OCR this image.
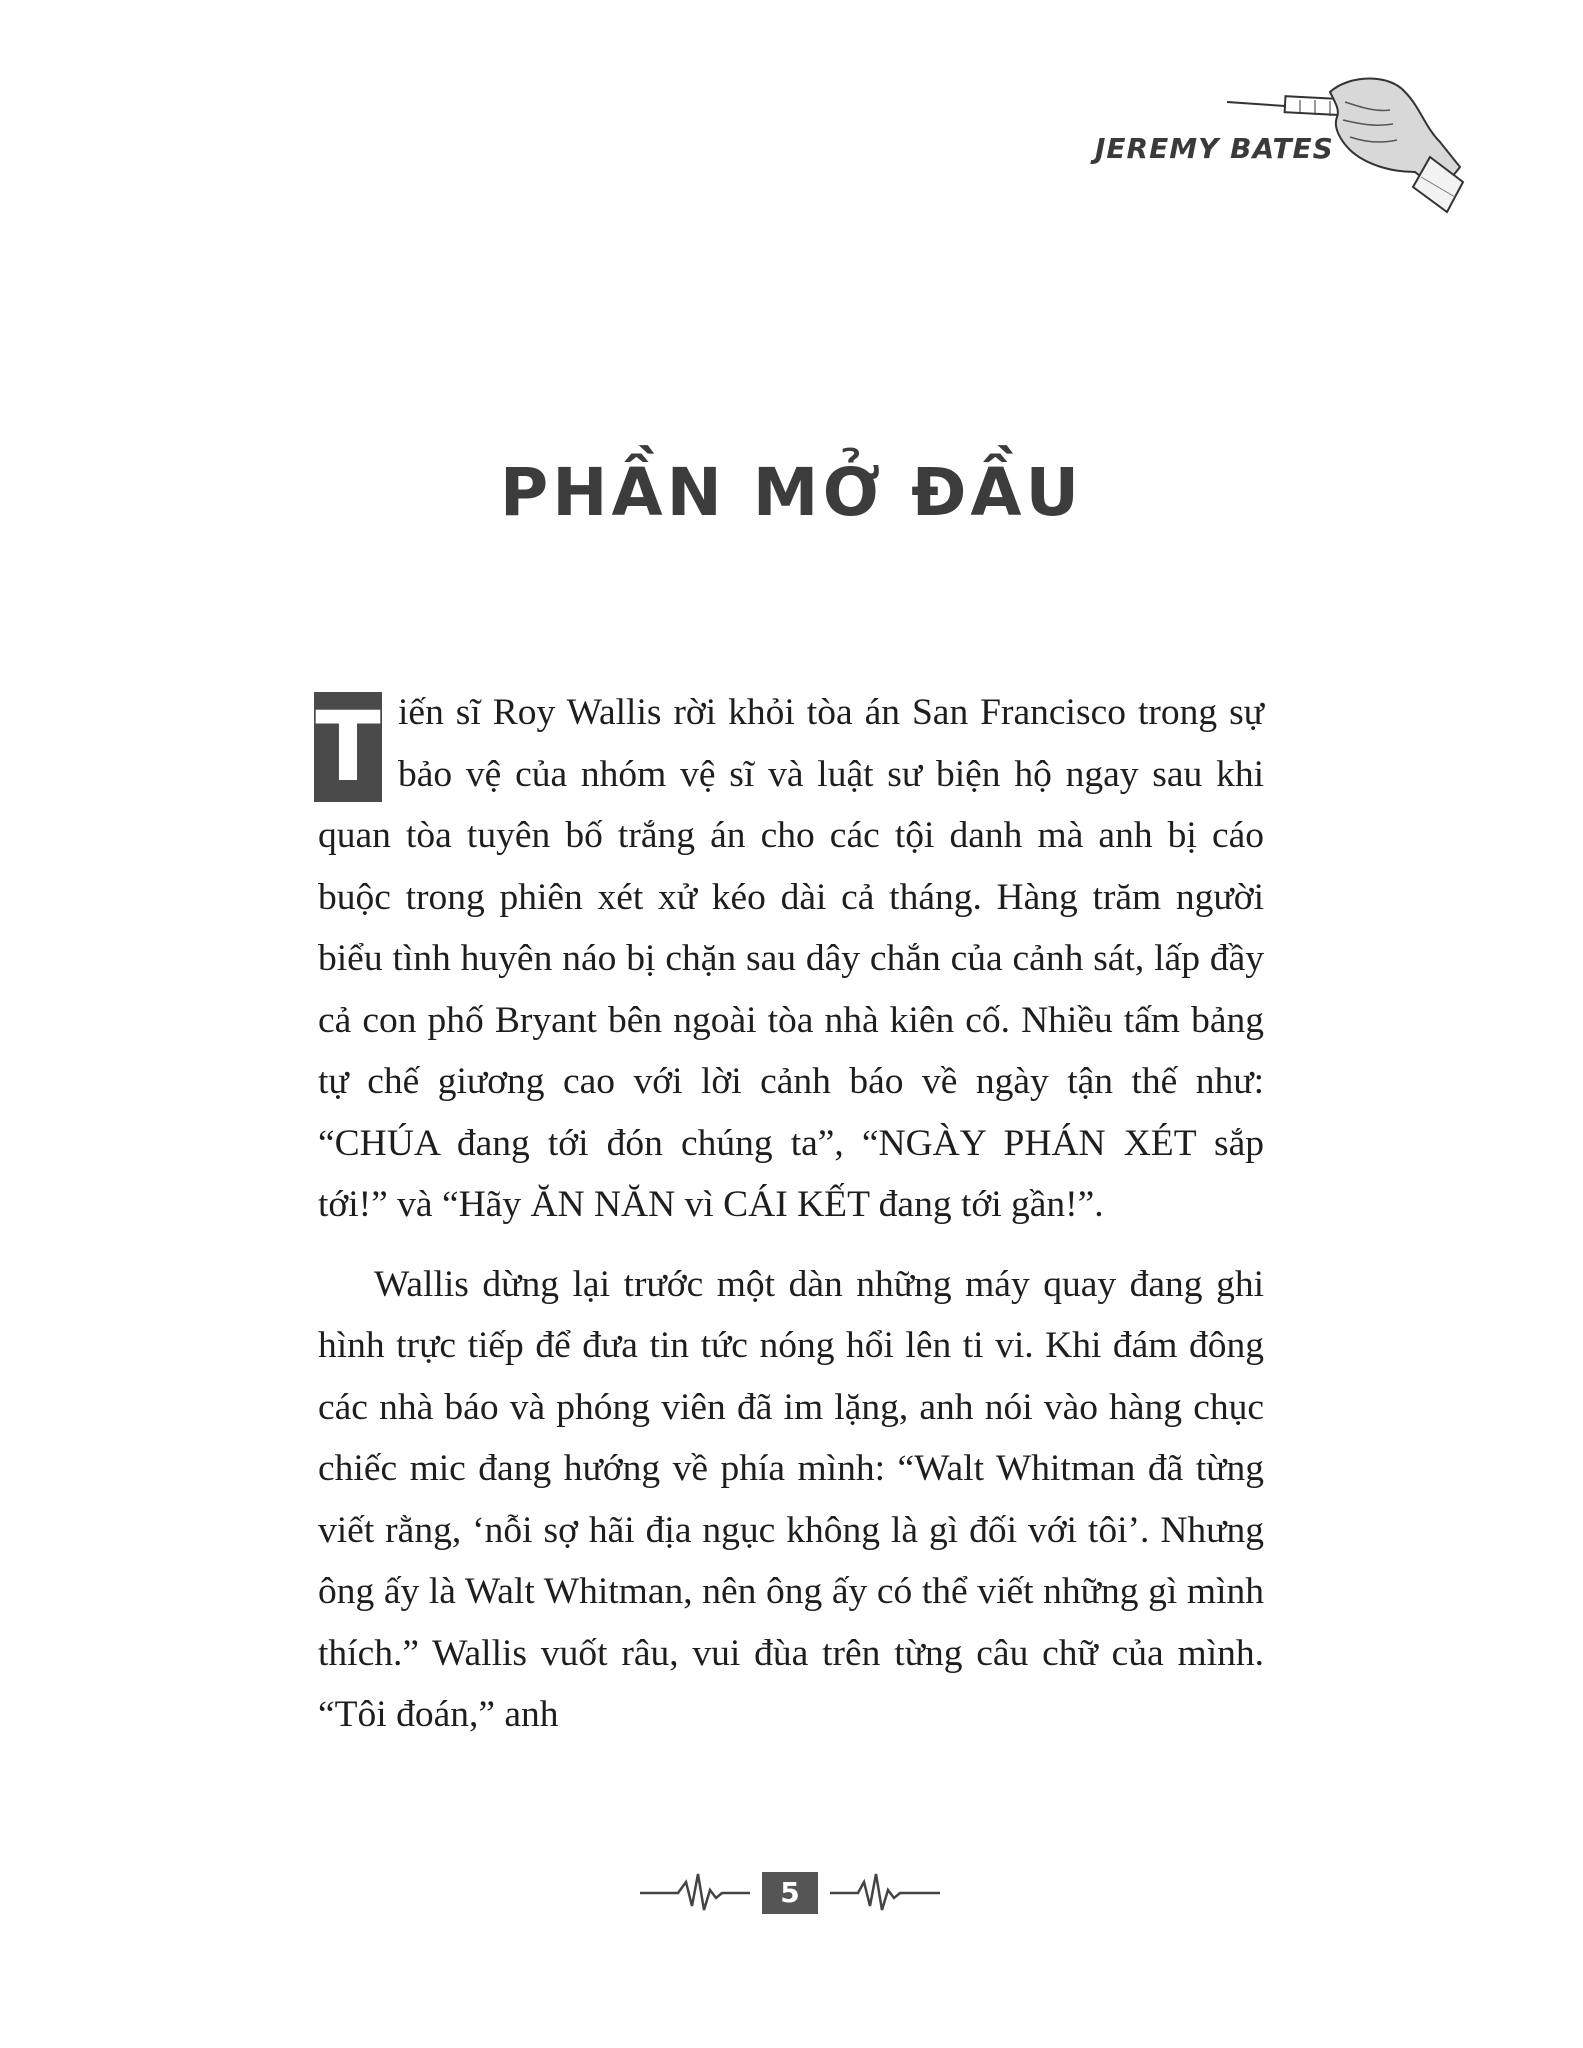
JEREMY BATES
PHẦN MỞ ĐẦU

T iến sĩ Roy Wallis rời khỏi tòa án San Francisco trong sự bảo vệ của nhóm vệ sĩ và luật sư biện hộ ngay sau khi quan tòa tuyên bố trắng án cho các tội danh mà anh bị cáo buộc trong phiên xét xử kéo dài cả tháng. Hàng trăm người biểu tình huyên náo bị chặn sau dây chắn của cảnh sát, lấp đầy cả con phố Bryant bên ngoài tòa nhà kiên cố. Nhiều tấm bảng tự chế giương cao với lời cảnh báo về ngày tận thế như: “CHÚA đang tới đón chúng ta”, “NGÀY PHÁN XÉT sắp tới!” và “Hãy ĂN NĂN vì CÁI KẾT đang tới gần!”.

Wallis dừng lại trước một dàn những máy quay đang ghi hình trực tiếp để đưa tin tức nóng hổi lên ti vi. Khi đám đông các nhà báo và phóng viên đã im lặng, anh nói vào hàng chục chiếc mic đang hướng về phía mình: “Walt Whitman đã từng viết rằng, ‘nỗi sợ hãi địa ngục không là gì đối với tôi’. Nhưng ông ấy là Walt Whitman, nên ông ấy có thể viết những gì mình thích.” Wallis vuốt râu, vui đùa trên từng câu chữ của mình. “Tôi đoán,” anh

5
